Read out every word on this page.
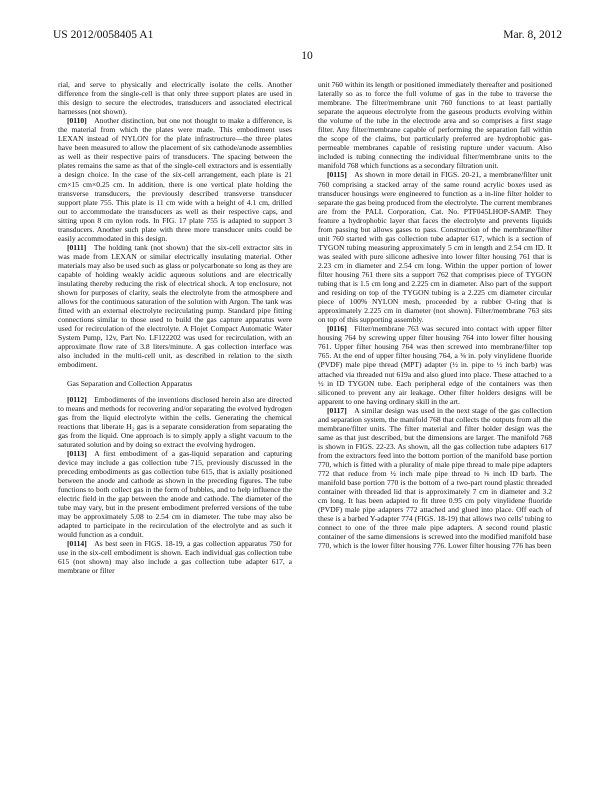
US 2012/0058405 A1	Mar. 8, 2012
10

rial, and serve to physically and electrically isolate the cells. Another difference from the single-cell is that only three support plates are used in this design to secure the electrodes, transducers and associated electrical harnesses (not shown).

[0110]  Another distinction, but one not thought to make a difference, is the material from which the plates were made. This embodiment uses LEXAN instead of NYLON for the plate infrastructure—the three plates have been measured to allow the placement of six cathode/anode assemblies as well as their respective pairs of transducers. The spacing between the plates remains the same as that of the single-cell extractors and is essentially a design choice. In the case of the six-cell arrangement, each plate is 21 cm×15 cm×0.25 cm. In addition, there is one vertical plate holding the transverse transducers, the previously described transverse transducer support plate 755. This plate is 11 cm wide with a height of 4.1 cm, drilled out to accommodate the transducers as well as their respective caps, and sitting upon 8 cm nylon rods. In FIG. 17 plate 755 is adapted to support 3 transducers. Another such plate with three more transducer units could be easily accommodated in this design.

[0111]  The holding tank (not shown) that the six-cell extractor sits in was made from LEXAN or similar electrically insulating material. Other materials may also be used such as glass or polycarbonate so long as they are capable of holding weakly acidic aqueous solutions and are electrically insulating thereby reducing the risk of electrical shock. A top enclosure, not shown for purposes of clarity, seals the electrolyte from the atmosphere and allows for the continuous saturation of the solution with Argon. The tank was fitted with an external electrolyte recirculating pump. Standard pipe fitting connections similar to those used to build the gas capture apparatus were used for recirculation of the electrolyte. A Flojet Compact Automatic Water System Pump, 12v, Part No. LF122202 was used for recirculation, with an approximate flow rate of 3.8 liters/minute. A gas collection interface was also included in the multi-cell unit, as described in relation to the sixth embodiment.

Gas Separation and Collection Apparatus

[0112]  Embodiments of the inventions disclosed herein also are directed to means and methods for recovering and/or separating the evolved hydrogen gas from the liquid electrolyte within the cells. Generating the chemical reactions that liberate H₂ gas is a separate consideration from separating the gas from the liquid. One approach is to simply apply a slight vacuum to the saturated solution and by doing so extract the evolving hydrogen.

[0113]  A first embodiment of a gas-liquid separation and capturing device may include a gas collection tube 715, previously discussed in the preceding embodiments as gas collection tube 615, that is axially positioned between the anode and cathode as shown in the preceding figures. The tube functions to both collect gas in the form of bubbles, and to help influence the electric field in the gap between the anode and cathode. The diameter of the tube may vary, but in the present embodiment preferred versions of the tube may be approximately 5.08 to 2.54 cm in diameter. The tube may also be adapted to participate in the recirculation of the electrolyte and as such it would function as a conduit.

[0114]  As best seen in FIGS. 18-19, a gas collection apparatus 750 for use in the six-cell embodiment is shown. Each individual gas collection tube 615 (not shown) may also include a gas collection tube adapter 617, a membrane or filter

unit 760 within its length or positioned immediately thereafter and positioned laterally so as to force the full volume of gas in the tube to traverse the membrane. The filter/membrane unit 760 functions to at least partially separate the aqueous electrolyte from the gaseous products evolving within the volume of the tube in the electrode area and so comprises a first stage filter. Any filter/membrane capable of performing the separation fall within the scope of the claims, but particularly preferred are hydrophobic gas-permeable membranes capable of resisting rupture under vacuum. Also included is tubing connecting the individual filter/membrane units to the manifold 768 which functions as a secondary filtration unit.

[0115]  As shown in more detail in FIGS. 20-21, a membrane/filter unit 760 comprising a stacked array of the same round acrylic boxes used as transducer housings were engineered to function as a in-line filter holder to separate the gas being produced from the electrolyte. The current membranes are from the PALL Corporation, Cat. No. PTF045LHOP-SAMP. They feature a hydrophobic layer that faces the electrolyte and prevents liquids from passing but allows gases to pass. Construction of the membrane/filter unit 760 started with gas collection tube adapter 617, which is a section of TYGON tubing measuring approximately 5 cm in length and 2.54 cm ID. It was sealed with pure silicone adhesive into lower filter housing 761 that is 2.23 cm in diameter and 2.54 cm long. Within the upper portion of lower filter housing 761 there sits a support 762 that comprises piece of TYGON tubing that is 1.5 cm long and 2.225 cm in diameter. Also part of the support and residing on top of the TYGON tubing is a 2.225 cm diameter circular piece of 100% NYLON mesh, proceeded by a rubber O-ring that is approximately 2.225 cm in diameter (not shown). Filter/membrane 763 sits on top of this supporting assembly.

[0116]  Filter/membrane 763 was secured into contact with upper filter housing 764 by screwing upper filter housing 764 into lower filter housing 761. Upper filter housing 764 was then screwed into membrane/filter top 765. At the end of upper filter housing 764, a ⅜ in. poly vinylidene fluoride (PVDF) male pipe thread (MPT) adapter (½ in. pipe to ½ inch barb) was attached via threaded nut 619a and also glued into place. These attached to a ½ in ID TYGON tube. Each peripheral edge of the containers was then siliconed to prevent any air leakage. Other filter holders designs will be apparent to one having ordinary skill in the art.

[0117]  A similar design was used in the next stage of the gas collection and separation system, the manifold 768 that collects the outputs from all the membrane/filter units. The filter material and filter holder design was the same as that just described, but the dimensions are larger. The manifold 768 is shown in FIGS. 22-23. As shown, all the gas collection tube adapters 617 from the extractors feed into the bottom portion of the manifold base portion 770, which is fitted with a plurality of male pipe thread to male pipe adapters 772 that reduce from ½ inch male pipe thread to ⅜ inch ID barb. The manifold base portion 770 is the bottom of a two-part round plastic threaded container with threaded lid that is approximately 7 cm in diameter and 3.2 cm long. It has been adapted to fit three 0.95 cm poly vinylidene fluoride (PVDF) male pipe adapters 772 attached and glued into place. Off each of these is a barbed Y-adapter 774 (FIGS. 18-19) that allows two cells' tubing to connect to one of the three male pipe adapters. A second round plastic container of the same dimensions is screwed into the modified manifold base 770, which is the lower filter housing 776. Lower filter housing 776 has been
